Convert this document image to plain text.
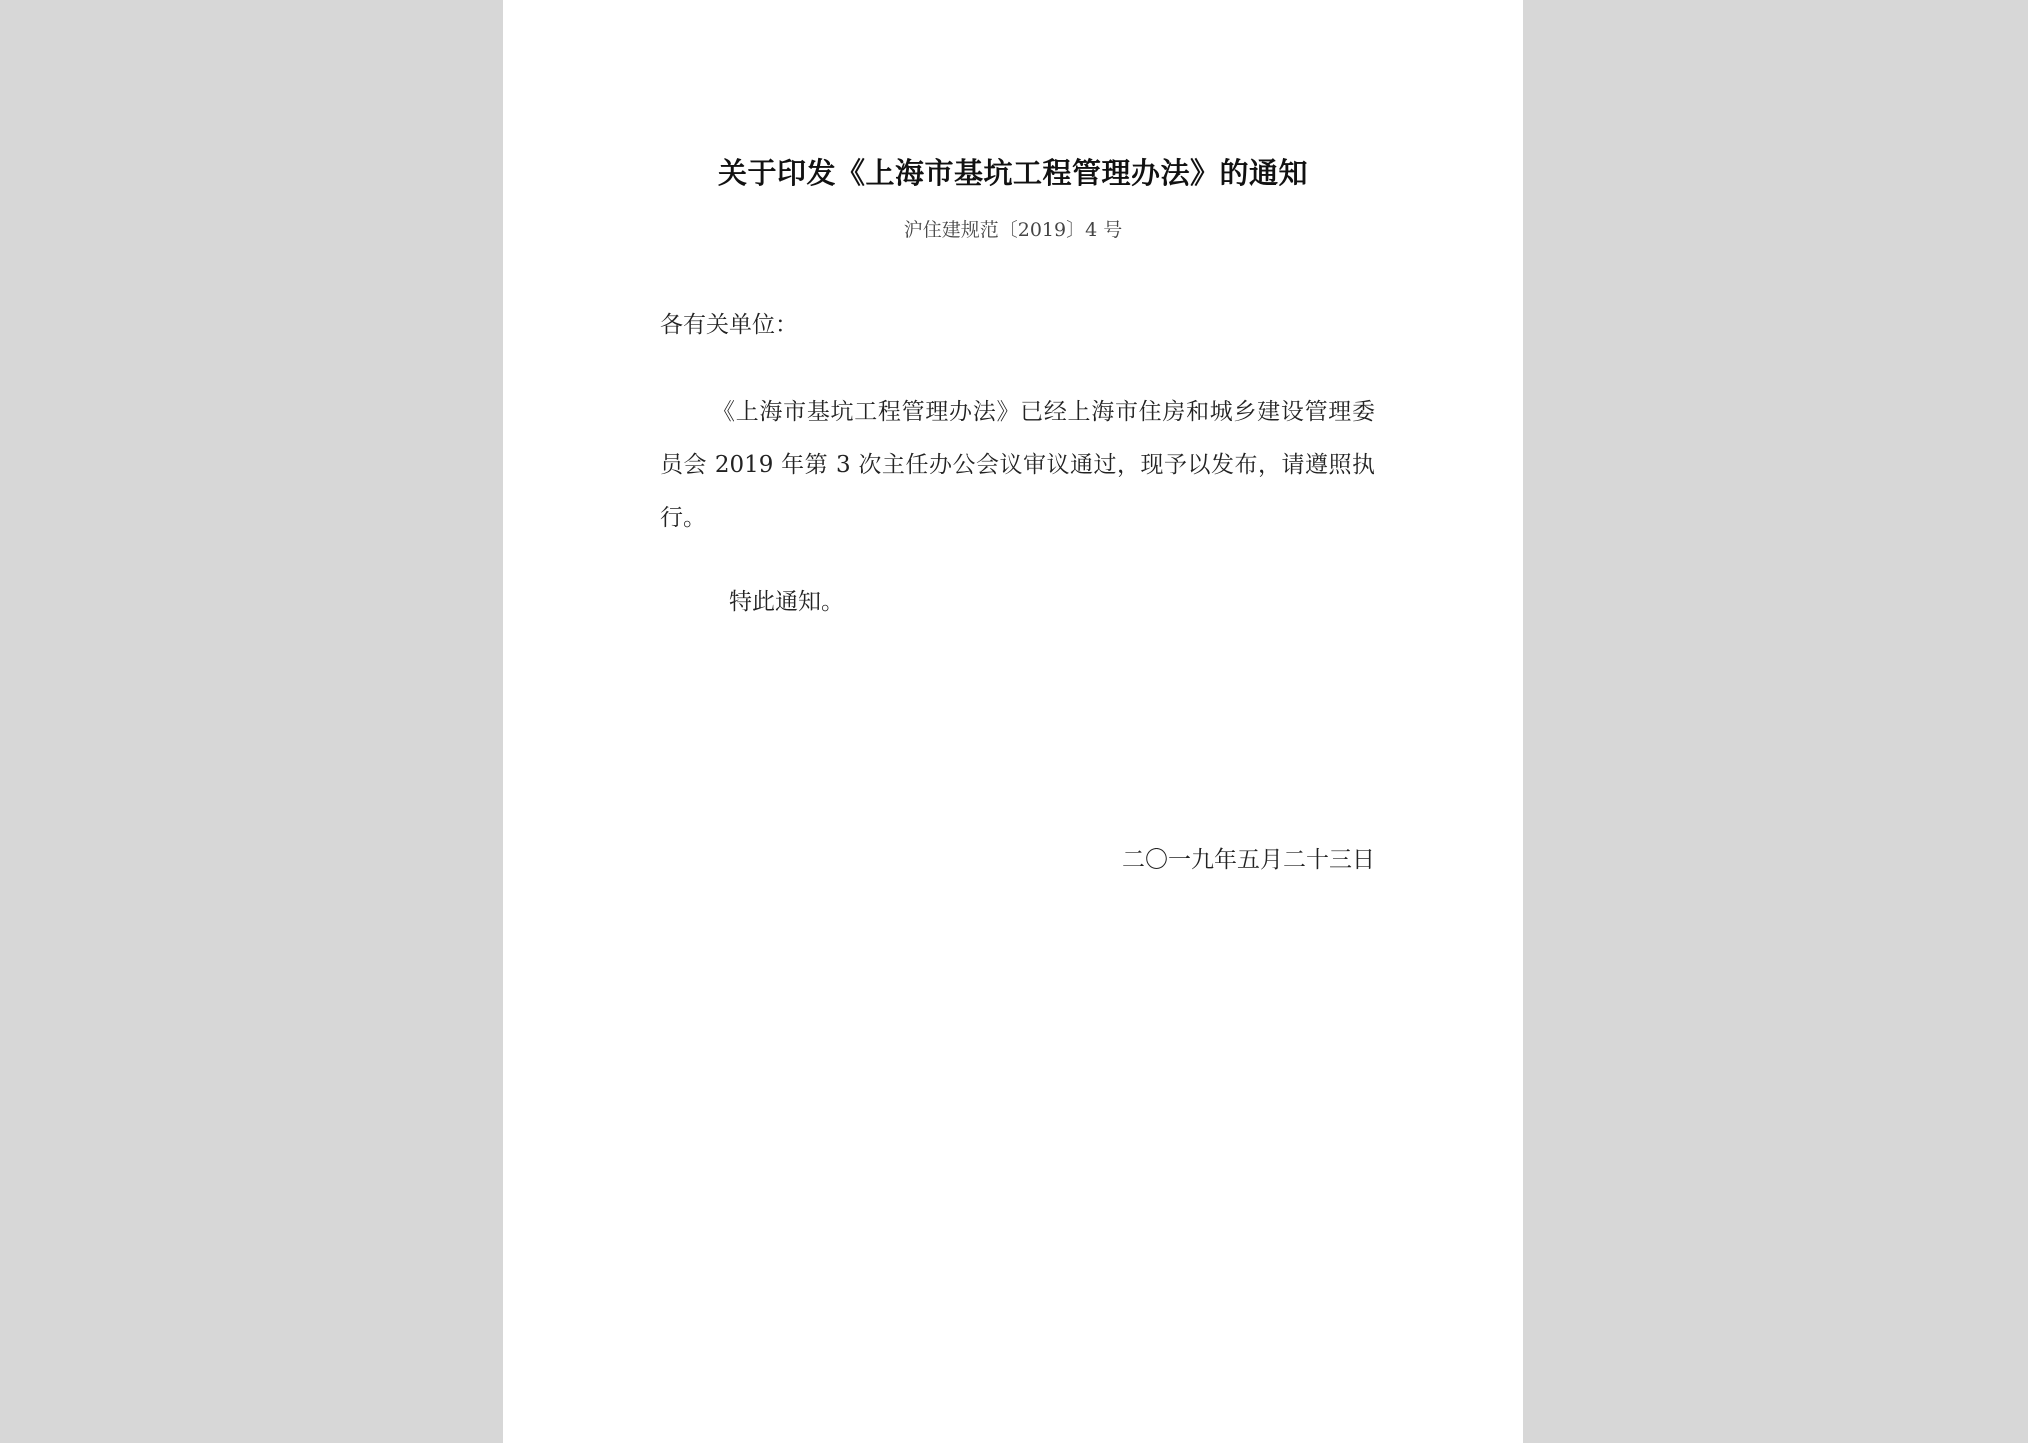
关于印发《上海市基坑工程管理办法》的通知
沪住建规范〔2019〕4 号
各有关单位：
《上海市基坑工程管理办法》已经上海市住房和城乡建设管理委员会 2019 年第 3 次主任办公会议审议通过，现予以发布，请遵照执行。
特此通知。
二〇一九年五月二十三日
